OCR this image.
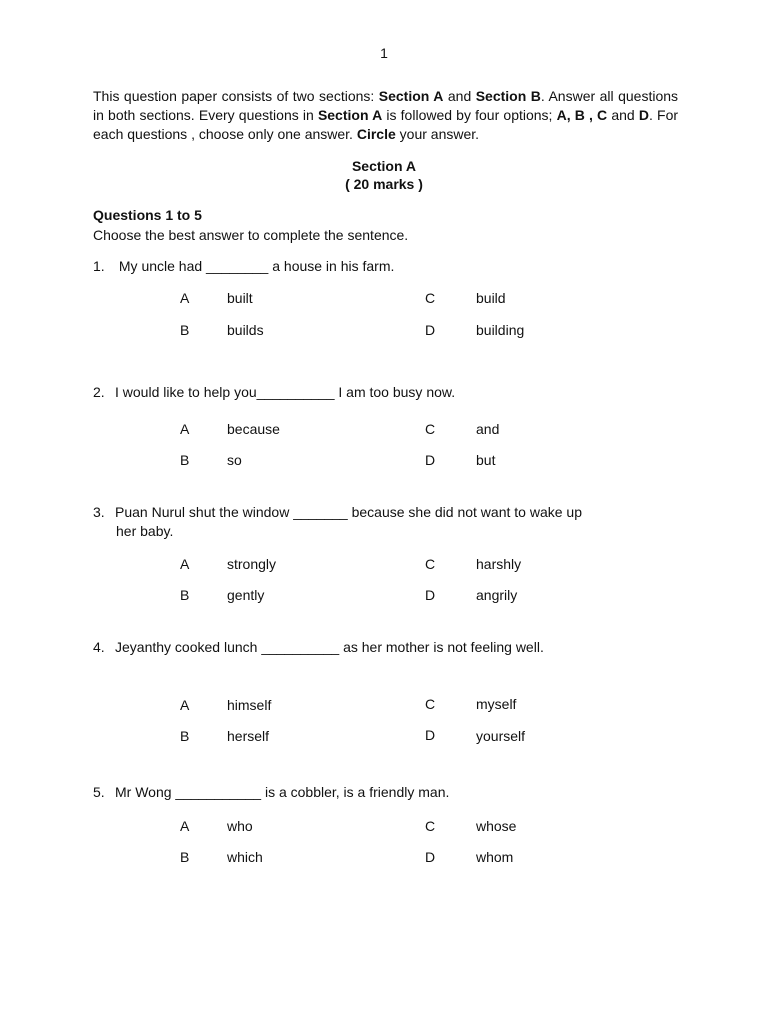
1
This question paper consists of two sections: Section A and Section B. Answer all questions in both sections. Every questions in Section A is followed by four options; A, B , C and D. For each questions , choose only one answer. Circle your answer.
Section A
( 20 marks )
Questions 1 to 5
Choose the best answer to complete the sentence.
1. My uncle had ________ a house in his farm.
A	built	C	build
B	builds	D	building
2. I would like to help you__________ I am too busy now.
A	because	C	and
B	so	D	but
3. Puan Nurul shut the window _______ because she did not want to wake up
her baby.
A	strongly	C	harshly
B	gently	D	angrily
4. Jeyanthy cooked lunch __________ as her mother is not feeling well.
A	himself	C	myself
B	herself	D	yourself
5. Mr Wong ___________ is a cobbler, is a friendly man.
A	who	C	whose
B	which	D	whom
